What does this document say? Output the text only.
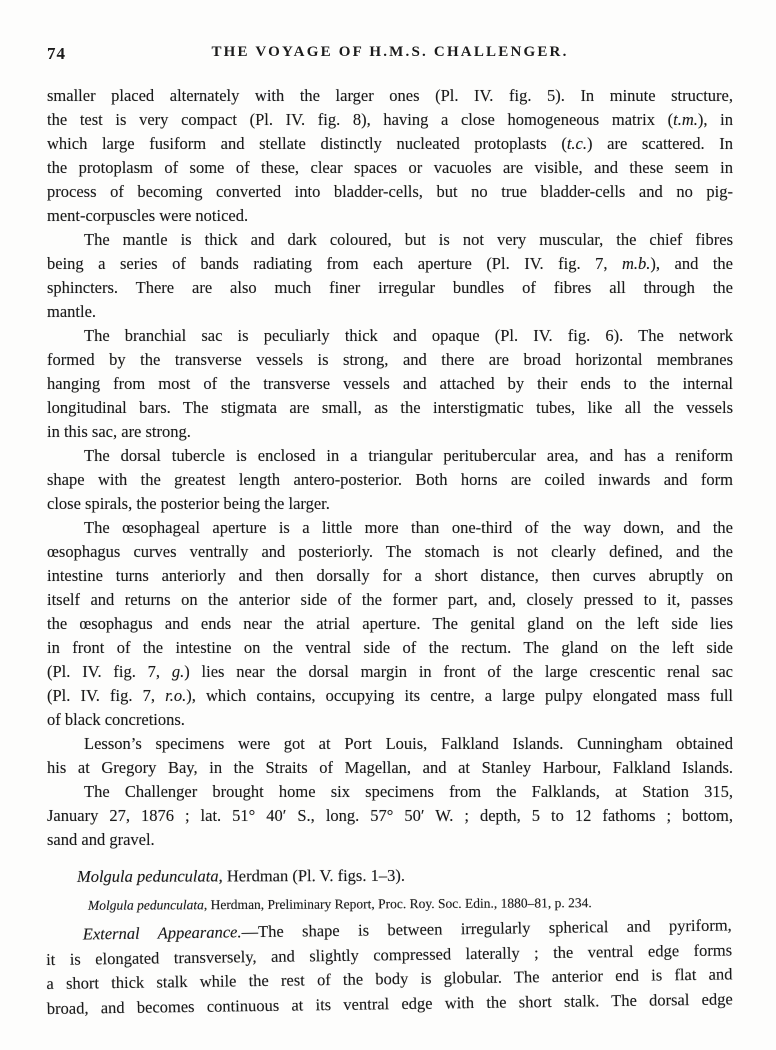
74	THE VOYAGE OF H.M.S. CHALLENGER.
smaller placed alternately with the larger ones (Pl. IV. fig. 5). In minute structure,
the test is very compact (Pl. IV. fig. 8), having a close homogeneous matrix (t.m.), in
which large fusiform and stellate distinctly nucleated protoplasts (t.c.) are scattered. In
the protoplasm of some of these, clear spaces or vacuoles are visible, and these seem in
process of becoming converted into bladder-cells, but no true bladder-cells and no pig-
ment-corpuscles were noticed.
The mantle is thick and dark coloured, but is not very muscular, the chief fibres
being a series of bands radiating from each aperture (Pl. IV. fig. 7, m.b.), and the
sphincters. There are also much finer irregular bundles of fibres all through the
mantle.
The branchial sac is peculiarly thick and opaque (Pl. IV. fig. 6). The network
formed by the transverse vessels is strong, and there are broad horizontal membranes
hanging from most of the transverse vessels and attached by their ends to the internal
longitudinal bars. The stigmata are small, as the interstigmatic tubes, like all the vessels
in this sac, are strong.
The dorsal tubercle is enclosed in a triangular peritubercular area, and has a reniform
shape with the greatest length antero-posterior. Both horns are coiled inwards and form
close spirals, the posterior being the larger.
The œsophageal aperture is a little more than one-third of the way down, and the
œsophagus curves ventrally and posteriorly. The stomach is not clearly defined, and the
intestine turns anteriorly and then dorsally for a short distance, then curves abruptly on
itself and returns on the anterior side of the former part, and, closely pressed to it, passes
the œsophagus and ends near the atrial aperture. The genital gland on the left side lies
in front of the intestine on the ventral side of the rectum. The gland on the left side
(Pl. IV. fig. 7, g.) lies near the dorsal margin in front of the large crescentic renal sac
(Pl. IV. fig. 7, r.o.), which contains, occupying its centre, a large pulpy elongated mass full
of black concretions.
Lesson’s specimens were got at Port Louis, Falkland Islands. Cunningham obtained
his at Gregory Bay, in the Straits of Magellan, and at Stanley Harbour, Falkland Islands.
The Challenger brought home six specimens from the Falklands, at Station 315,
January 27, 1876 ; lat. 51° 40′ S., long. 57° 50′ W. ; depth, 5 to 12 fathoms ; bottom,
sand and gravel.
Molgula pedunculata, Herdman (Pl. V. figs. 1–3).
Molgula pedunculata, Herdman, Preliminary Report, Proc. Roy. Soc. Edin., 1880–81, p. 234.
External Appearance.—The shape is between irregularly spherical and pyriform,
it is elongated transversely, and slightly compressed laterally ; the ventral edge forms
a short thick stalk while the rest of the body is globular. The anterior end is flat and
broad, and becomes continuous at its ventral edge with the short stalk. The dorsal edge
